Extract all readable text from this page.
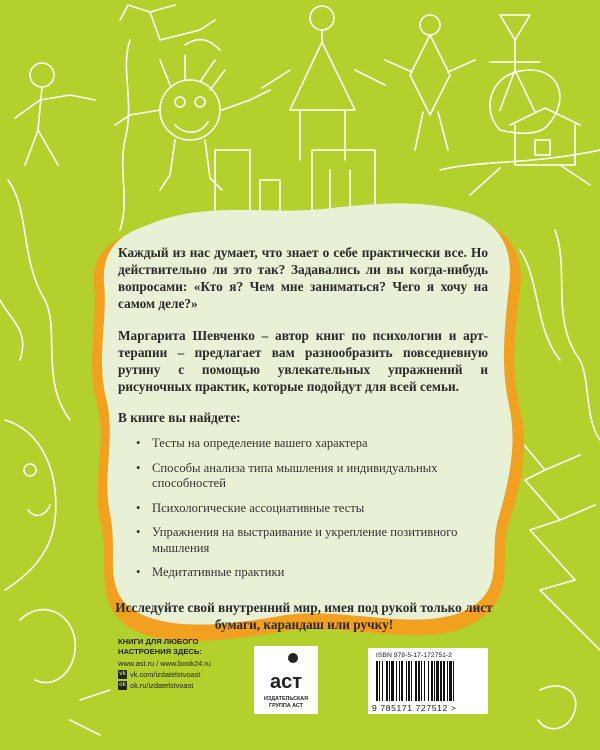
Каждый из нас думает, что знает о себе практически все. Но действительно ли это так? Задавались ли вы когда-нибудь вопросами: «Кто я? Чем мне заниматься? Чего я хочу на самом деле?»

Маргарита Шевченко – автор книг по психологии и арт-терапии – предлагает вам разнообразить повседневную рутину с помощью увлекательных упражнений и рисуночных практик, которые подойдут для всей семьи.

В книге вы найдете:

• Тесты на определение вашего характера
• Способы анализа типа мышления и индивидуальных способностей
• Психологические ассоциативные тесты
• Упражнения на выстраивание и укрепление позитивного мышления
• Медитативные практики

Исследуйте свой внутренний мир, имея под рукой только лист бумаги, карандаш или ручку!

КНИГИ ДЛЯ ЛЮБОГО НАСТРОЕНИЯ ЗДЕСЬ:
www.ast.ru / www.book24.ru
vk vk.com/izdatelstvoast
ok ok.ru/izdatelstvoast	аст
ИЗДАТЕЛЬСКАЯ ГРУППА АСТ
ISBN 978-5-17-172751-2
9 785171 727512 >
